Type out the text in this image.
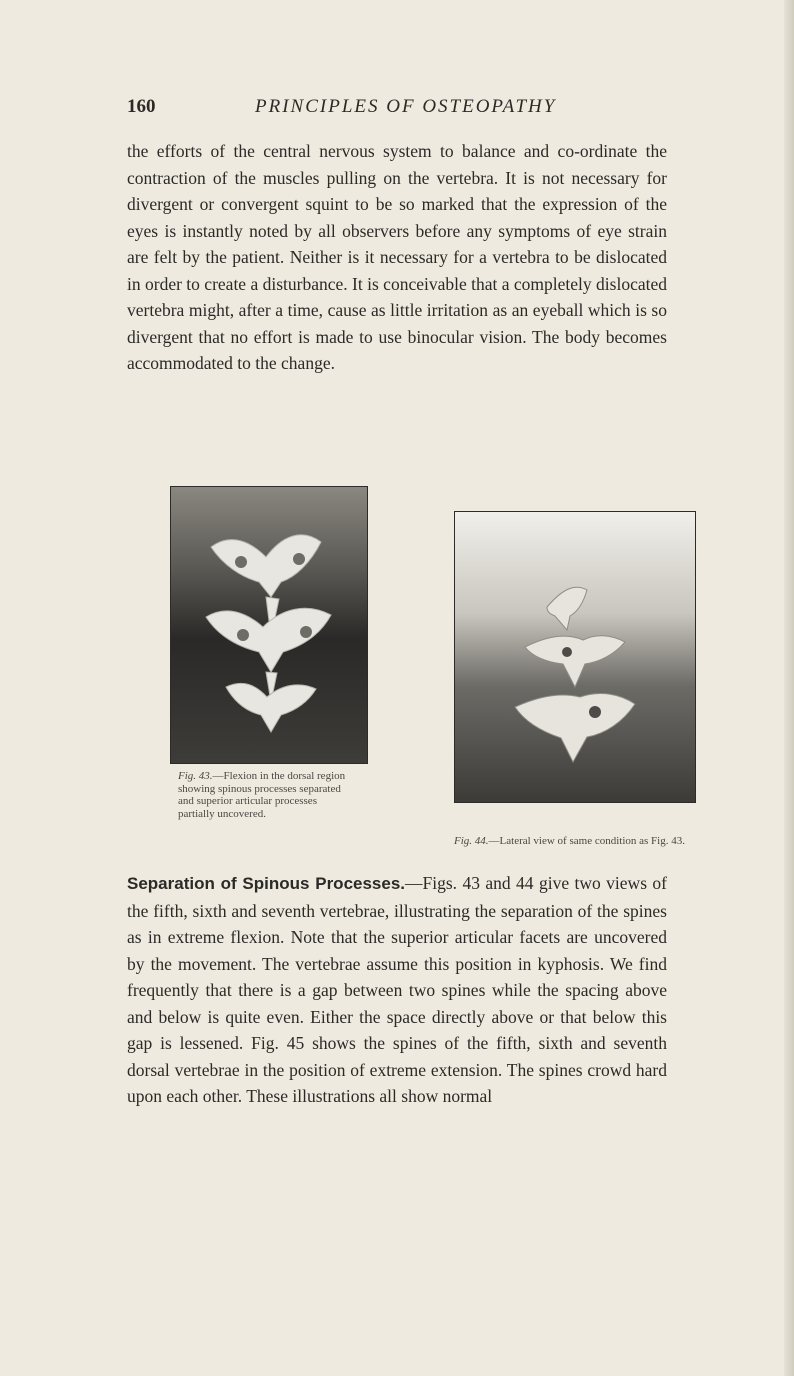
160	PRINCIPLES OF OSTEOPATHY

the efforts of the central nervous system to balance and co-ordinate the contraction of the muscles pulling on the vertebra. It is not necessary for divergent or convergent squint to be so marked that the expression of the eyes is instantly noted by all observers before any symptoms of eye strain are felt by the patient. Neither is it necessary for a vertebra to be dislocated in order to create a disturbance. It is conceivable that a completely dislocated vertebra might, after a time, cause as little irritation as an eyeball which is so divergent that no effort is made to use binocular vision. The body becomes accommodated to the change.

Fig. 43.—Flexion in the dorsal region showing spinous processes separated and superior articular processes partially uncovered.
Fig. 44.—Lateral view of same condition as Fig. 43.

Separation of Spinous Processes.—Figs. 43 and 44 give two views of the fifth, sixth and seventh vertebrae, illustrating the separation of the spines as in extreme flexion. Note that the superior articular facets are uncovered by the movement. The vertebrae assume this position in kyphosis. We find frequently that there is a gap between two spines while the spacing above and below is quite even. Either the space directly above or that below this gap is lessened. Fig. 45 shows the spines of the fifth, sixth and seventh dorsal vertebrae in the position of extreme extension. The spines crowd hard upon each other. These illustrations all show normal
